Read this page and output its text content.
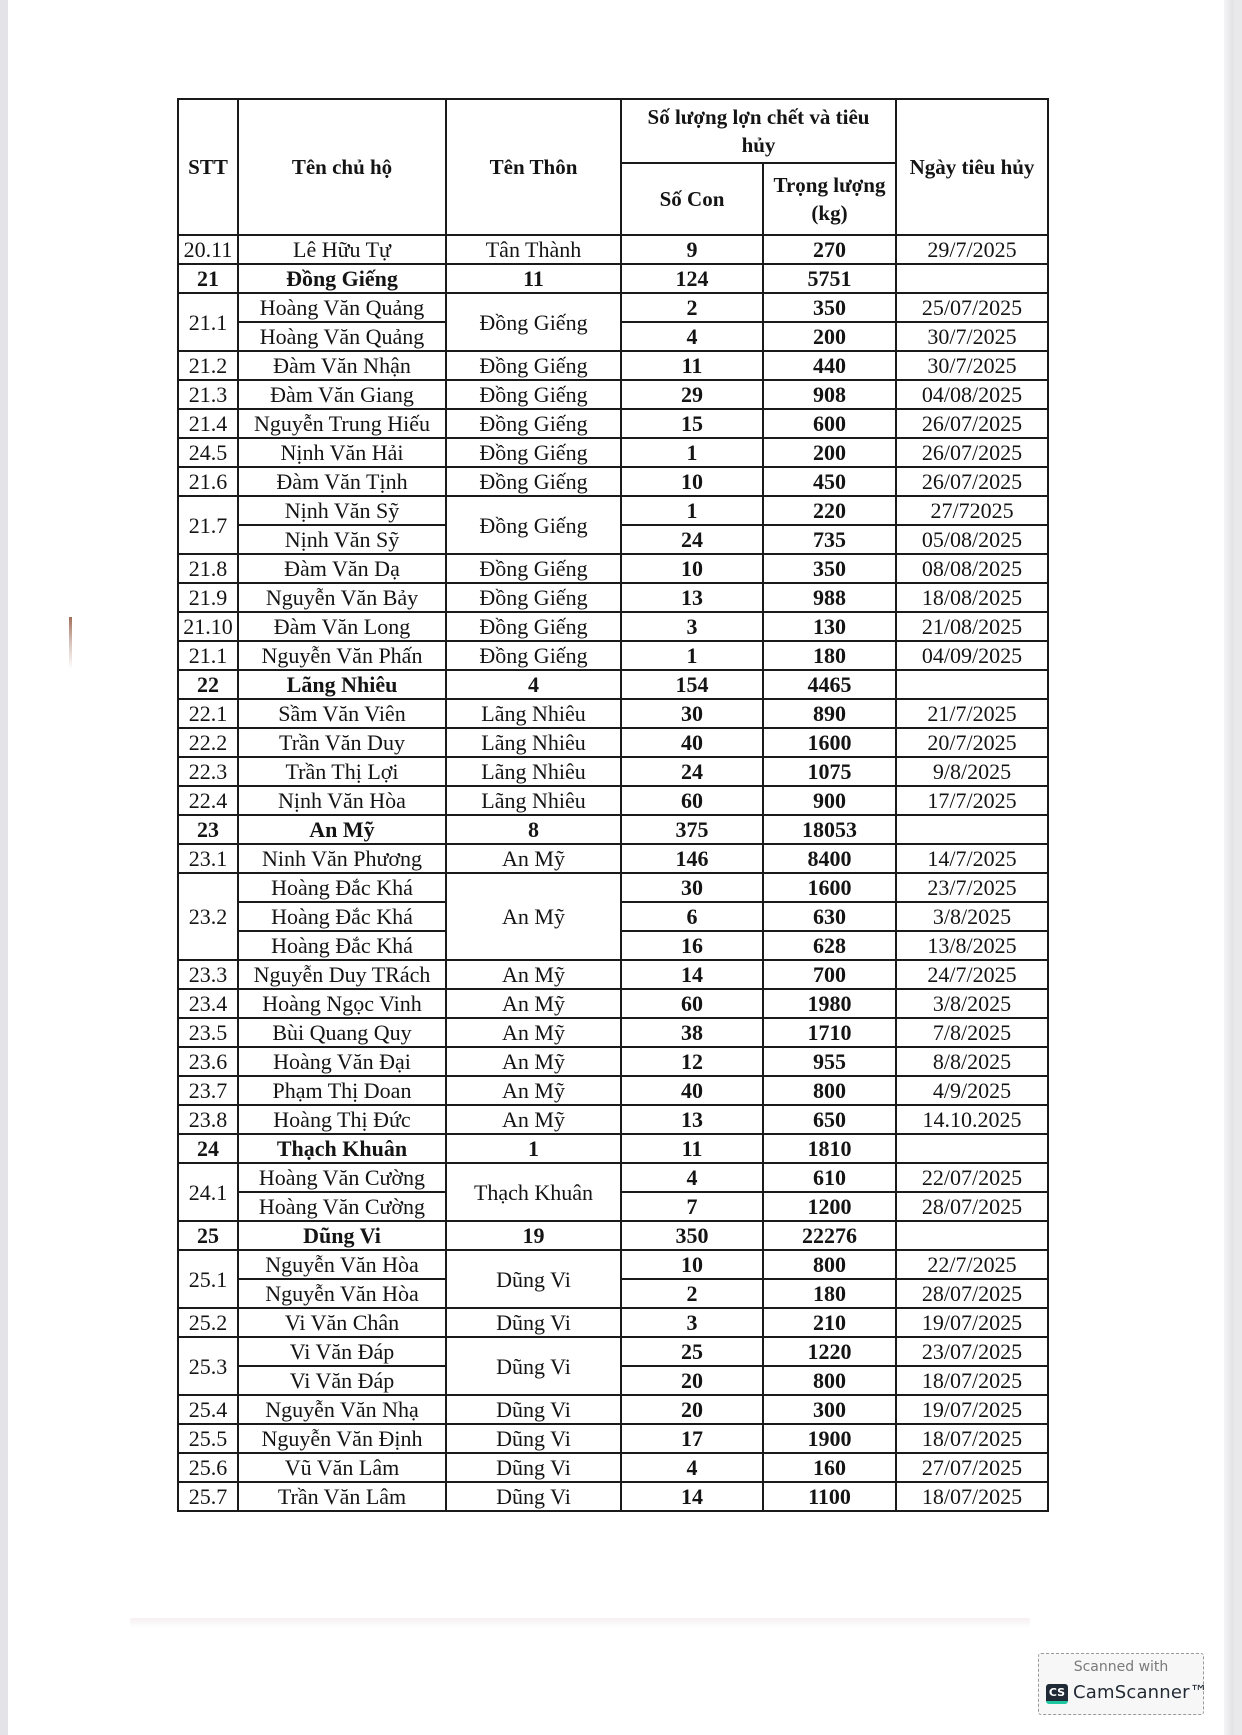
STT	Tên chủ hộ	Tên Thôn	Số lượng lợn chết và tiêu hủy		Ngày tiêu hủy
			Số Con	Trọng lượng (kg)	
20.11	Lê Hữu Tự	Tân Thành	9	270	29/7/2025
21	Đồng Giếng	11	124	5751	
21.1	Hoàng Văn Quảng	Đồng Giếng	2	350	25/07/2025
	Hoàng Văn Quảng		4	200	30/7/2025
21.2	Đàm Văn Nhận	Đồng Giếng	11	440	30/7/2025
21.3	Đàm Văn Giang	Đồng Giếng	29	908	04/08/2025
21.4	Nguyễn Trung Hiếu	Đồng Giếng	15	600	26/07/2025
24.5	Nịnh Văn Hải	Đồng Giếng	1	200	26/07/2025
21.6	Đàm Văn Tịnh	Đồng Giếng	10	450	26/07/2025
21.7	Nịnh Văn Sỹ	Đồng Giếng	1	220	27/72025
	Nịnh Văn Sỹ		24	735	05/08/2025
21.8	Đàm Văn Dạ	Đồng Giếng	10	350	08/08/2025
21.9	Nguyễn Văn Bảy	Đồng Giếng	13	988	18/08/2025
21.10	Đàm Văn Long	Đồng Giếng	3	130	21/08/2025
21.1	Nguyễn Văn Phấn	Đồng Giếng	1	180	04/09/2025
22	Lãng Nhiêu	4	154	4465	
22.1	Sầm Văn Viên	Lãng Nhiêu	30	890	21/7/2025
22.2	Trần Văn Duy	Lãng Nhiêu	40	1600	20/7/2025
22.3	Trần Thị Lợi	Lãng Nhiêu	24	1075	9/8/2025
22.4	Nịnh Văn Hòa	Lãng Nhiêu	60	900	17/7/2025
23	An Mỹ	8	375	18053	
23.1	Ninh Văn Phương	An Mỹ	146	8400	14/7/2025
23.2	Hoàng Đắc Khá	An Mỹ	30	1600	23/7/2025
	Hoàng Đắc Khá		6	630	3/8/2025
	Hoàng Đắc Khá		16	628	13/8/2025
23.3	Nguyễn Duy TRách	An Mỹ	14	700	24/7/2025
23.4	Hoàng Ngọc Vinh	An Mỹ	60	1980	3/8/2025
23.5	Bùi Quang Quy	An Mỹ	38	1710	7/8/2025
23.6	Hoàng Văn Đại	An Mỹ	12	955	8/8/2025
23.7	Phạm Thị Doan	An Mỹ	40	800	4/9/2025
23.8	Hoàng Thị Đức	An Mỹ	13	650	14.10.2025
24	Thạch Khuân	1	11	1810	
24.1	Hoàng Văn Cường	Thạch Khuân	4	610	22/07/2025
	Hoàng Văn Cường		7	1200	28/07/2025
25	Dũng Vi	19	350	22276	
25.1	Nguyễn Văn Hòa	Dũng Vi	10	800	22/7/2025
	Nguyễn Văn Hòa		2	180	28/07/2025
25.2	Vi Văn Chân	Dũng Vi	3	210	19/07/2025
25.3	Vi Văn Đáp	Dũng Vi	25	1220	23/07/2025
	Vi Văn Đáp		20	800	18/07/2025
25.4	Nguyễn Văn Nhạ	Dũng Vi	20	300	19/07/2025
25.5	Nguyễn Văn Định	Dũng Vi	17	1900	18/07/2025
25.6	Vũ Văn Lâm	Dũng Vi	4	160	27/07/2025
25.7	Trần Văn Lâm	Dũng Vi	14	1100	18/07/2025
Scanned with
CS CamScanner™
